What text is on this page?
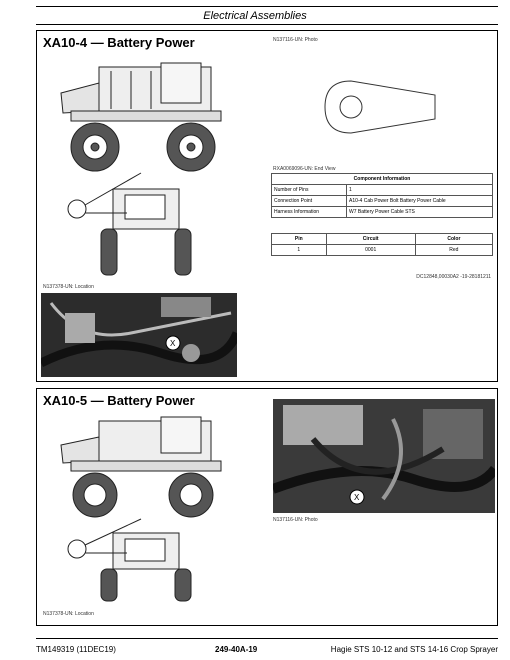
Electrical Assemblies
XA10-4 — Battery Power
N137378-UN: Location
X
N137116-UN: Photo
RXA0069096-UN: End View
Component Information	
Number of Pins	1
Connection Point	A10-4 Cab Power Bolt Battery Power Cable
Harness Information	W7 Battery Power Cable STS
Pin	Circuit	Color
1	0001	Red
DC12848,00030A2 -19-28181211
XA10-5 — Battery Power
N137378-UN: Location
X
N137116-UN: Photo
TM149319 (11DEC19)	249-40A-19	Hagie STS 10-12 and STS 14-16 Crop Sprayer
